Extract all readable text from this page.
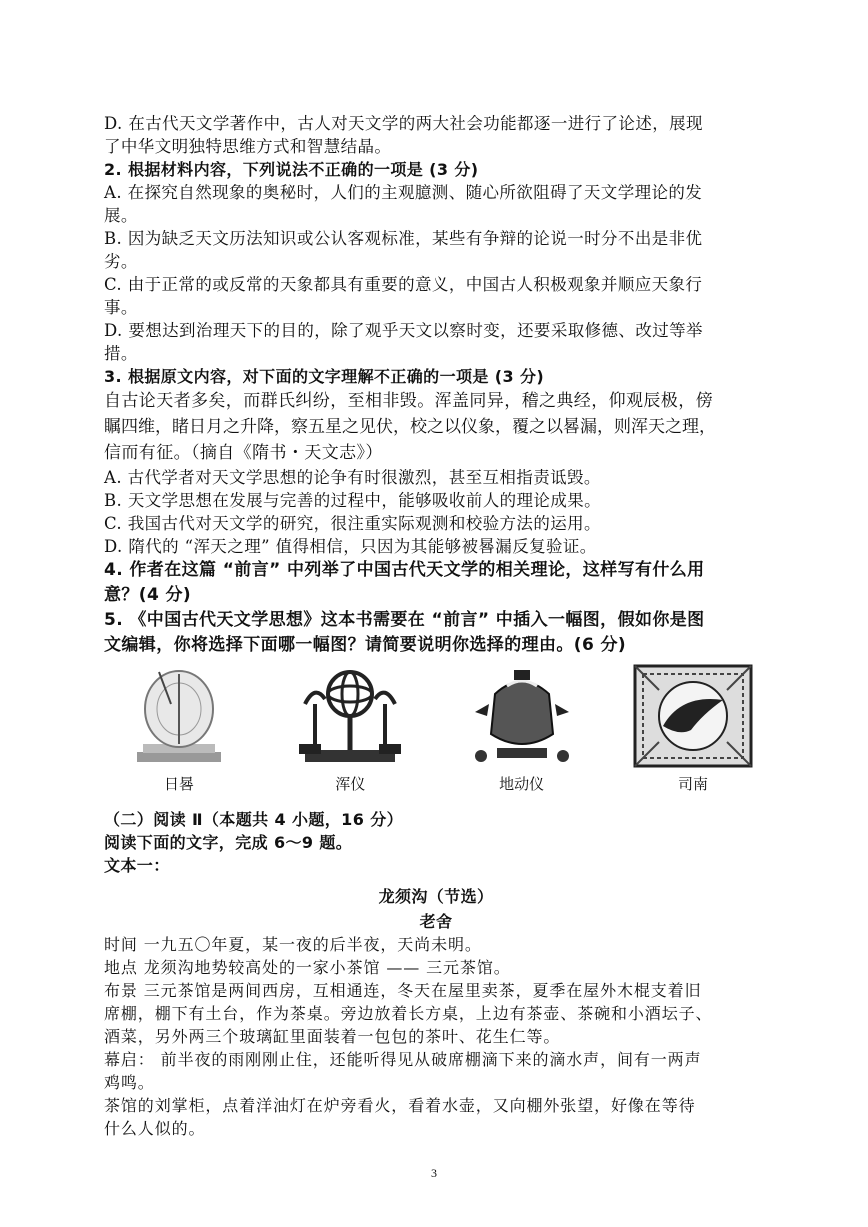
D. 在古代天文学著作中，古人对天文学的两大社会功能都逐一进行了论述，展现

了中华文明独特思维方式和智慧结晶。

2. 根据材料内容，下列说法不正确的一项是 (3 分)

A. 在探究自然现象的奥秘时，人们的主观臆测、随心所欲阻碍了天文学理论的发

展。

B. 因为缺乏天文历法知识或公认客观标准，某些有争辩的论说一时分不出是非优

劣。

C. 由于正常的或反常的天象都具有重要的意义，中国古人积极观象并顺应天象行

事。

D. 要想达到治理天下的目的，除了观乎天文以察时变，还要采取修德、改过等举

措。

3. 根据原文内容，对下面的文字理解不正确的一项是 (3 分)

自古论天者多矣，而群氏纠纷，至相非毁。浑盖同异，稽之典经，仰观辰极，傍

瞩四维，睹日月之升降，察五星之见伏，校之以仪象，覆之以晷漏，则浑天之理，

信而有征。（摘自《隋书・天文志》）

A. 古代学者对天文学思想的论争有时很激烈，甚至互相指责诋毁。

B. 天文学思想在发展与完善的过程中，能够吸收前人的理论成果。

C. 我国古代对天文学的研究，很注重实际观测和校验方法的运用。

D. 隋代的 “浑天之理” 值得相信，只因为其能够被晷漏反复验证。

4. 作者在这篇 “前言” 中列举了中国古代天文学的相关理论，这样写有什么用

意？(4 分)

5. 《中国古代天文学思想》这本书需要在 “前言” 中插入一幅图，假如你是图

文编辑，你将选择下面哪一幅图？请简要说明你选择的理由。(6 分)

日晷	浑仪	地动仪	司南

（二）阅读 Ⅱ（本题共 4 小题，16 分）

阅读下面的文字，完成 6～9 题。

文本一：

龙须沟（节选）

老舍

时间 一九五〇年夏，某一夜的后半夜，天尚未明。

地点 龙须沟地势较高处的一家小茶馆 —— 三元茶馆。

布景 三元茶馆是两间西房，互相通连，冬天在屋里卖茶，夏季在屋外木棍支着旧

席棚，棚下有土台，作为茶桌。旁边放着长方桌，上边有茶壶、茶碗和小酒坛子、

酒菜，另外两三个玻璃缸里面装着一包包的茶叶、花生仁等。

幕启： 前半夜的雨刚刚止住，还能听得见从破席棚滴下来的滴水声，间有一两声

鸡鸣。

茶馆的刘掌柜，点着洋油灯在炉旁看火，看着水壶，又向棚外张望，好像在等待

什么人似的。

3
